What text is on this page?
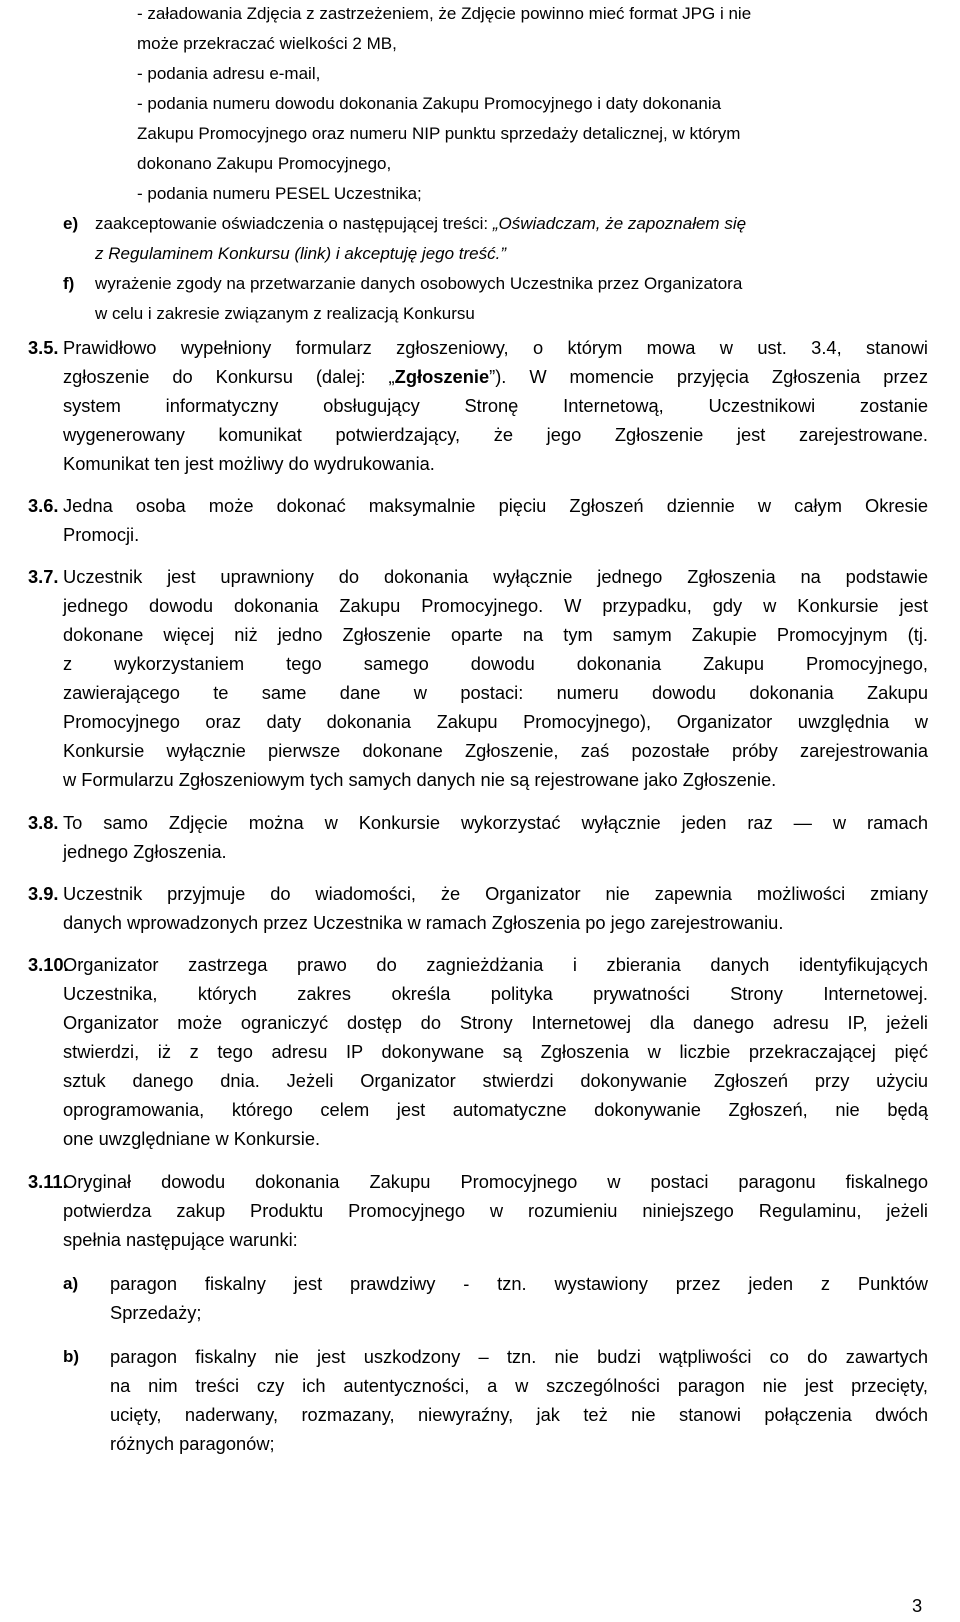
- załadowania Zdjęcia z zastrzeżeniem, że Zdjęcie powinno mieć format JPG i nie
może przekraczać wielkości 2 MB,
- podania adresu e-mail,
- podania numeru dowodu dokonania Zakupu Promocyjnego i daty dokonania
Zakupu Promocyjnego oraz numeru NIP punktu sprzedaży detalicznej, w którym
dokonano Zakupu Promocyjnego,
- podania numeru PESEL Uczestnika;
e) zaakceptowanie oświadczenia o następującej treści: „Oświadczam, że zapoznałem się
z Regulaminem Konkursu (link) i akceptuję jego treść.”
f) wyrażenie zgody na przetwarzanie danych osobowych Uczestnika przez Organizatora
w celu i zakresie związanym z realizacją Konkursu
3.5. Prawidłowo wypełniony formularz zgłoszeniowy, o którym mowa w ust. 3.4, stanowi
zgłoszenie do Konkursu (dalej: „Zgłoszenie”). W momencie przyjęcia Zgłoszenia przez
system informatyczny obsługujący Stronę Internetową, Uczestnikowi zostanie
wygenerowany komunikat potwierdzający, że jego Zgłoszenie jest zarejestrowane.
Komunikat ten jest możliwy do wydrukowania.
3.6. Jedna osoba może dokonać maksymalnie pięciu Zgłoszeń dziennie w całym Okresie
Promocji.
3.7. Uczestnik jest uprawniony do dokonania wyłącznie jednego Zgłoszenia na podstawie
jednego dowodu dokonania Zakupu Promocyjnego. W przypadku, gdy w Konkursie jest
dokonane więcej niż jedno Zgłoszenie oparte na tym samym Zakupie Promocyjnym (tj.
z wykorzystaniem tego samego dowodu dokonania Zakupu Promocyjnego,
zawierającego te same dane w postaci: numeru dowodu dokonania Zakupu
Promocyjnego oraz daty dokonania Zakupu Promocyjnego), Organizator uwzględnia w
Konkursie wyłącznie pierwsze dokonane Zgłoszenie, zaś pozostałe próby zarejestrowania
w Formularzu Zgłoszeniowym tych samych danych nie są rejestrowane jako Zgłoszenie.
3.8. To samo Zdjęcie można w Konkursie wykorzystać wyłącznie jeden raz — w ramach
jednego Zgłoszenia.
3.9. Uczestnik przyjmuje do wiadomości, że Organizator nie zapewnia możliwości zmiany
danych wprowadzonych przez Uczestnika w ramach Zgłoszenia po jego zarejestrowaniu.
3.10.
Organizator zastrzega prawo do zagnieżdżania i zbierania danych identyfikujących
Uczestnika, których zakres określa polityka prywatności Strony Internetowej.
Organizator może ograniczyć dostęp do Strony Internetowej dla danego adresu IP, jeżeli
stwierdzi, iż z tego adresu IP dokonywane są Zgłoszenia w liczbie przekraczającej pięć
sztuk danego dnia. Jeżeli Organizator stwierdzi dokonywanie Zgłoszeń przy użyciu
oprogramowania, którego celem jest automatyczne dokonywanie Zgłoszeń, nie będą
one uwzględniane w Konkursie.
3.11.
Oryginał dowodu dokonania Zakupu Promocyjnego w postaci paragonu fiskalnego
potwierdza zakup Produktu Promocyjnego w rozumieniu niniejszego Regulaminu, jeżeli
spełnia następujące warunki:
a) paragon fiskalny jest prawdziwy - tzn. wystawiony przez jeden z Punktów
Sprzedaży;
b) paragon fiskalny nie jest uszkodzony – tzn. nie budzi wątpliwości co do zawartych
na nim treści czy ich autentyczności, a w szczególności paragon nie jest przecięty,
ucięty, naderwany, rozmazany, niewyraźny, jak też nie stanowi połączenia dwóch
różnych paragonów;
3
